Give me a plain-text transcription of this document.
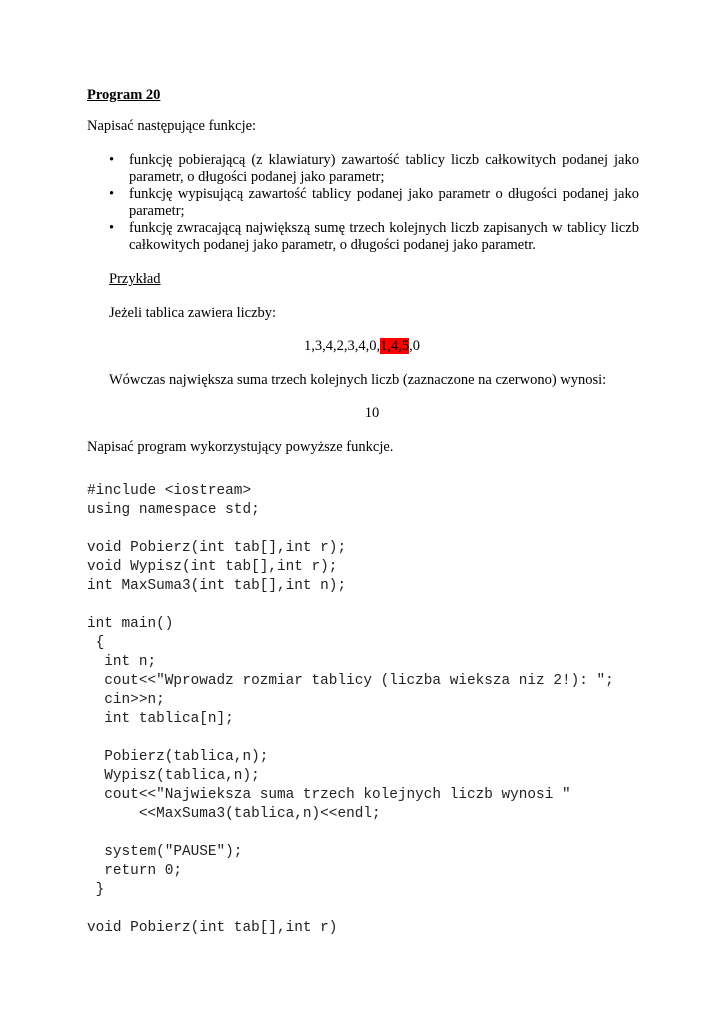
Program 20
Napisać następujące funkcje:
• funkcję pobierającą (z klawiatury) zawartość tablicy liczb całkowitych podanej jako parametr, o długości podanej jako parametr;
• funkcję wypisującą zawartość tablicy podanej jako parametr o długości podanej jako parametr;
• funkcję zwracającą największą sumę trzech kolejnych liczb zapisanych w tablicy liczb całkowitych podanej jako parametr, o długości podanej jako parametr.
Przykład
Jeżeli tablica zawiera liczby:
1,3,4,2,3,4,0,1,4,5,0
Wówczas największa suma trzech kolejnych liczb (zaznaczone na czerwono) wynosi:
10
Napisać program wykorzystujący powyższe funkcje.
#include <iostream>
using namespace std;

void Pobierz(int tab[],int r);
void Wypisz(int tab[],int r);
int MaxSuma3(int tab[],int n);

int main()
{
int n;
cout<<"Wprowadz rozmiar tablicy (liczba wieksza niz 2!): ";
cin>>n;
int tablica[n];

Pobierz(tablica,n);
Wypisz(tablica,n);
cout<<"Najwieksza suma trzech kolejnych liczb wynosi "
<<MaxSuma3(tablica,n)<<endl;

system("PAUSE");
return 0;
}

void Pobierz(int tab[],int r)
